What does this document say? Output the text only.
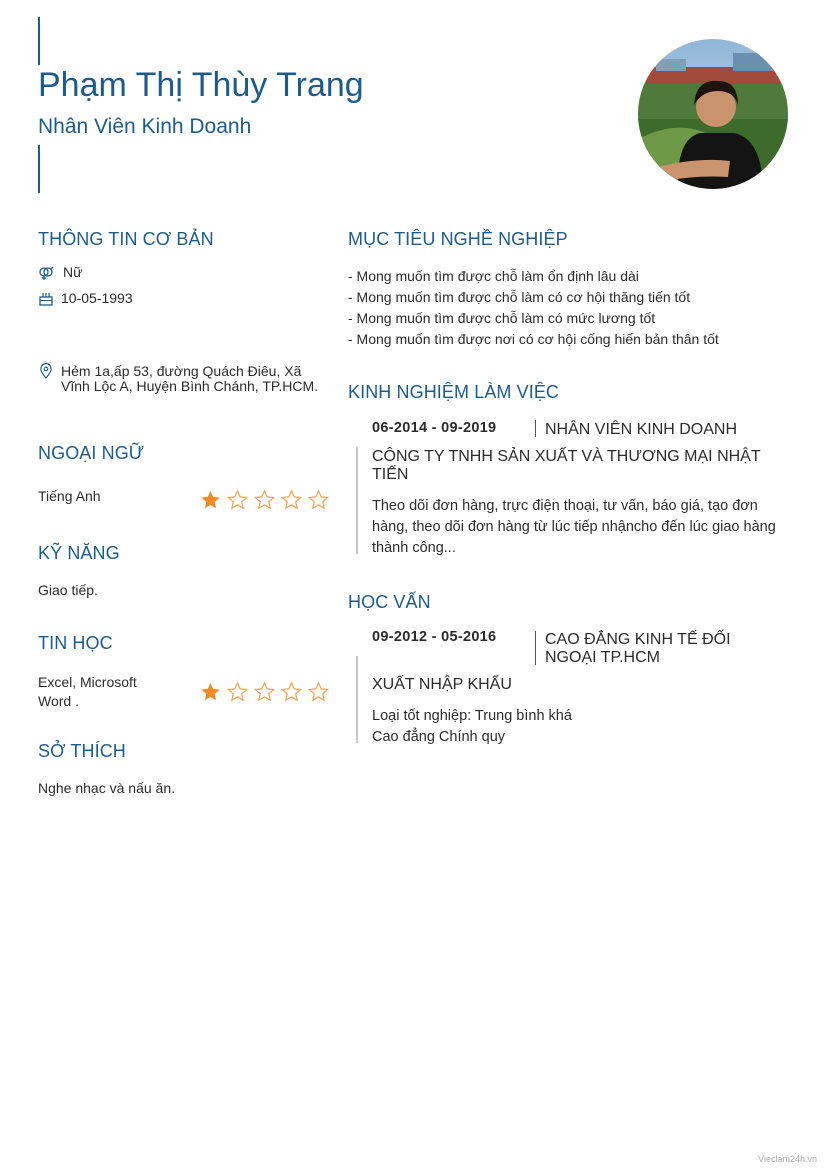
Phạm Thị Thùy Trang
Nhân Viên Kinh Doanh
THÔNG TIN CƠ BẢN
Nữ
10-05-1993
Hẻm 1a,ấp 53, đường Quách Điêu, Xã Vĩnh Lộc A, Huyện Bình Chánh, TP.HCM.
NGOẠI NGỮ
Tiếng Anh
KỸ NĂNG
Giao tiếp.
TIN HỌC
Excel, Microsoft Word .
SỞ THÍCH
Nghe nhạc và nấu ăn.
MỤC TIÊU NGHỀ NGHIỆP
- Mong muốn tìm được chỗ làm ổn định lâu dài
- Mong muốn tìm được chỗ làm có cơ hội thăng tiến tốt
- Mong muốn tìm được chỗ làm có mức lương tốt
- Mong muốn tìm được nơi có cơ hội cống hiến bản thân tốt
KINH NGHIỆM LÀM VIỆC
06-2014 - 09-2019	NHÂN VIÊN KINH DOANH
CÔNG TY TNHH SẢN XUẤT VÀ THƯƠNG MẠI NHẬT TIẾN
Theo dõi đơn hàng, trực điện thoại, tư vấn, báo giá, tạo đơn hàng, theo dõi đơn hàng từ lúc tiếp nhậncho đến lúc giao hàng thành công...
HỌC VẤN
09-2012 - 05-2016	CAO ĐẲNG KINH TẾ ĐỐI NGOẠI TP.HCM
XUẤT NHẬP KHẨU
Loại tốt nghiệp: Trung bình khá
Cao đẳng Chính quy
Vieclam24h.vn
